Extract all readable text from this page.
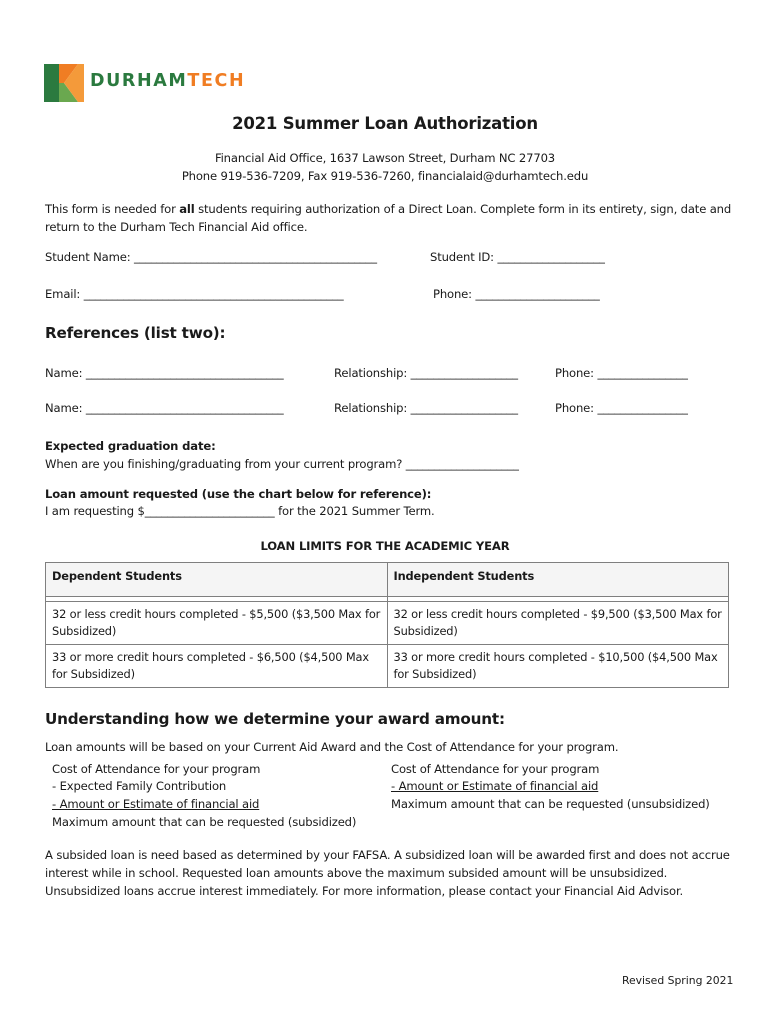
DURHAMTECH
2021 Summer Loan Authorization
Financial Aid Office, 1637 Lawson Street, Durham NC 27703
Phone 919-536-7209, Fax 919-536-7260, financialaid@durhamtech.edu
This form is needed for all students requiring authorization of a Direct Loan. Complete form in its entirety, sign, date and
return to the Durham Tech Financial Aid office.
Student Name: ___________________________________________	Student ID: ___________________
Email: ______________________________________________	Phone: ______________________
References (list two):
Name: ___________________________________	Relationship: ___________________	Phone: ________________
Name: ___________________________________	Relationship: ___________________	Phone: ________________
Expected graduation date:
When are you finishing/graduating from your current program? ____________________
Loan amount requested (use the chart below for reference):
I am requesting $_______________________ for the 2021 Summer Term.
LOAN LIMITS FOR THE ACADEMIC YEAR
Dependent Students	Independent Students

32 or less credit hours completed - $5,500 ($3,500 Max for Subsidized)	32 or less credit hours completed - $9,500 ($3,500 Max for Subsidized)
33 or more credit hours completed - $6,500 ($4,500 Max for Subsidized)	33 or more credit hours completed - $10,500 ($4,500 Max for Subsidized)
Understanding how we determine your award amount:
Loan amounts will be based on your Current Aid Award and the Cost of Attendance for your program.
Cost of Attendance for your program
- Expected Family Contribution
- Amount or Estimate of financial aid
Maximum amount that can be requested (subsidized)
Cost of Attendance for your program
- Amount or Estimate of financial aid
Maximum amount that can be requested (unsubsidized)
A subsided loan is need based as determined by your FAFSA. A subsidized loan will be awarded first and does not accrue
interest while in school. Requested loan amounts above the maximum subsided amount will be unsubsidized.
Unsubsidized loans accrue interest immediately. For more information, please contact your Financial Aid Advisor.
Revised Spring 2021
